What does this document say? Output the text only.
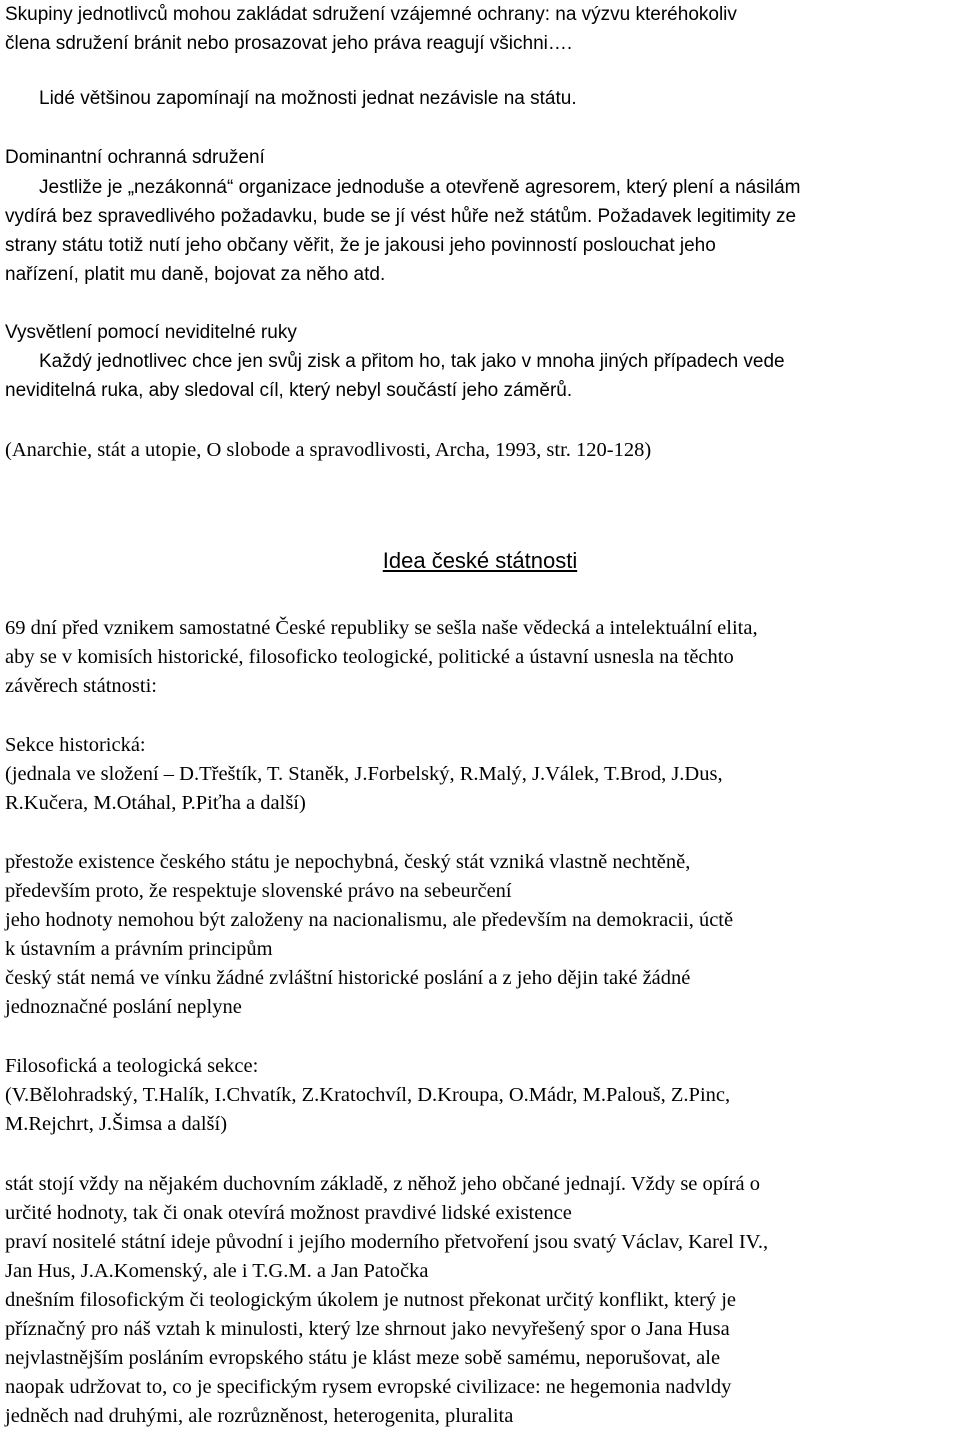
Skupiny jednotlivců mohou zakládat sdružení vzájemné ochrany: na výzvu kteréhokoliv
člena sdružení bránit nebo prosazovat jeho práva reagují všichni….
Lidé většinou zapomínají na možnosti jednat nezávisle na státu.
Dominantní ochranná sdružení
Jestliže je „nezákonná“ organizace jednoduše a otevřeně agresorem, který plení a násilám
vydírá bez spravedlivého požadavku, bude se jí vést hůře než státům. Požadavek legitimity ze
strany státu totiž nutí jeho občany věřit, že je jakousi jeho povinností poslouchat jeho
nařízení, platit mu daně, bojovat za něho atd.
Vysvětlení pomocí neviditelné ruky
Každý jednotlivec chce jen svůj zisk a přitom ho, tak jako v mnoha jiných případech vede
neviditelná ruka, aby sledoval cíl, který nebyl součástí jeho záměrů.
(Anarchie, stát a utopie, O slobode a spravodlivosti, Archa, 1993, str. 120-128)
69 dní před vznikem samostatné České republiky se sešla naše vědecká a intelektuální elita,
aby se v komisích historické, filosoficko teologické, politické a ústavní usnesla na těchto
závěrech státnosti:
Sekce historická:
(jednala ve složení – D.Třeštík, T. Staněk, J.Forbelský, R.Malý, J.Válek, T.Brod, J.Dus,
R.Kučera, M.Otáhal, P.Piťha a další)
přestože existence českého státu je nepochybná, český stát vzniká vlastně nechtěně,
především proto, že respektuje slovenské právo na sebeurčení
jeho hodnoty nemohou být založeny na nacionalismu, ale především na demokracii, úctě
k ústavním a právním principům
český stát nemá ve vínku žádné zvláštní historické poslání a z jeho dějin také žádné
jednoznačné poslání neplyne
Filosofická a teologická sekce:
(V.Bělohradský, T.Halík, I.Chvatík, Z.Kratochvíl, D.Kroupa, O.Mádr, M.Palouš, Z.Pinc,
M.Rejchrt, J.Šimsa a další)
stát stojí vždy na nějakém duchovním základě, z něhož jeho občané jednají. Vždy se opírá o
určité hodnoty, tak či onak otevírá možnost pravdivé lidské existence
praví nositelé státní ideje původní i jejího moderního přetvoření jsou svatý Václav, Karel IV.,
Jan Hus, J.A.Komenský, ale i T.G.M. a Jan Patočka
dnešním filosofickým či teologickým úkolem je nutnost překonat určitý konflikt, který je
příznačný pro náš vztah k minulosti, který lze shrnout jako nevyřešený spor o Jana Husa
nejvlastnějším posláním evropského státu je klást meze sobě samému, neporušovat, ale
naopak udržovat to, co je specifickým rysem evropské civilizace: ne hegemonia nadvldy
jedněch nad druhými, ale rozrůzněnost, heterogenita, pluralita
Idea české státnosti
